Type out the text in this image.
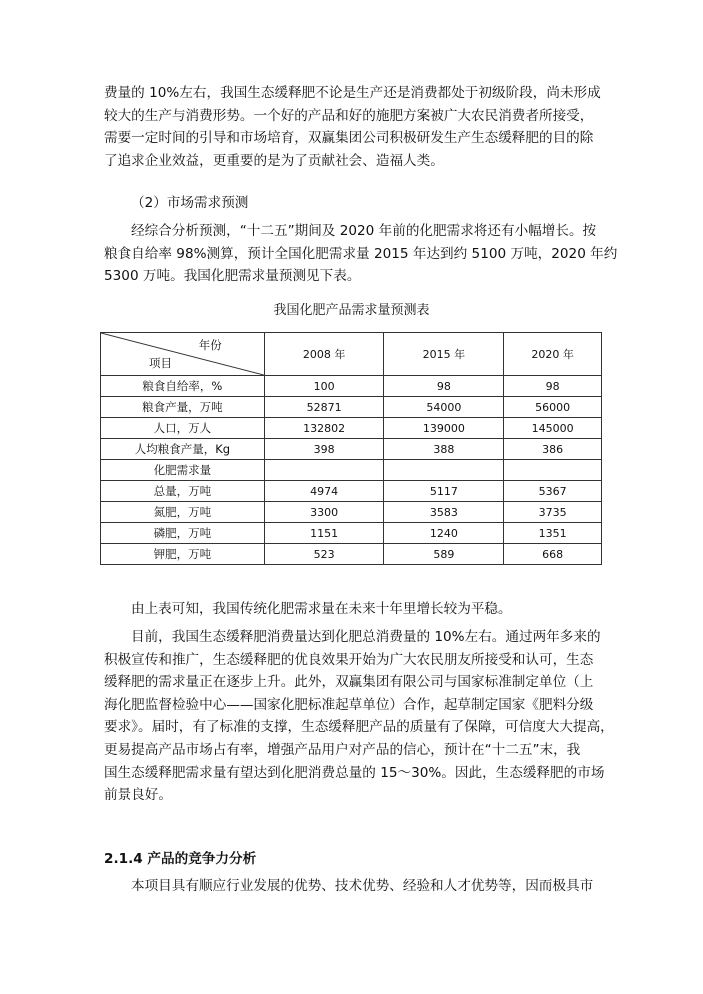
费量的 10%左右，我国生态缓释肥不论是生产还是消费都处于初级阶段，尚未形成
较大的生产与消费形势。一个好的产品和好的施肥方案被广大农民消费者所接受，
需要一定时间的引导和市场培育，双赢集团公司积极研发生产生态缓释肥的目的除
了追求企业效益，更重要的是为了贡献社会、造福人类。

（2）市场需求预测

经综合分析预测，“十二五”期间及 2020 年前的化肥需求将还有小幅增长。按
粮食自给率 98%测算，预计全国化肥需求量 2015 年达到约 5100 万吨，2020 年约
5300 万吨。我国化肥需求量预测见下表。

我国化肥产品需求量预测表
年份
项目	2008 年	2015 年	2020 年
粮食自给率，%	100	98	98
粮食产量，万吨	52871	54000	56000
人口，万人	132802	139000	145000
人均粮食产量，Kg	398	388	386
化肥需求量			
总量，万吨	4974	5117	5367
氮肥，万吨	3300	3583	3735
磷肥，万吨	1151	1240	1351
钾肥，万吨	523	589	668

由上表可知，我国传统化肥需求量在未来十年里增长较为平稳。

目前，我国生态缓释肥消费量达到化肥总消费量的 10%左右。通过两年多来的
积极宣传和推广，生态缓释肥的优良效果开始为广大农民朋友所接受和认可，生态
缓释肥的需求量正在逐步上升。此外，双赢集团有限公司与国家标准制定单位（上
海化肥监督检验中心——国家化肥标准起草单位）合作，起草制定国家《肥料分级
要求》。届时，有了标准的支撑，生态缓释肥产品的质量有了保障，可信度大大提高，
更易提高产品市场占有率，增强产品用户对产品的信心，预计在“十二五”末，我
国生态缓释肥需求量有望达到化肥消费总量的 15～30%。因此，生态缓释肥的市场
前景良好。

2.1.4 产品的竞争力分析

本项目具有顺应行业发展的优势、技术优势、经验和人才优势等，因而极具市
